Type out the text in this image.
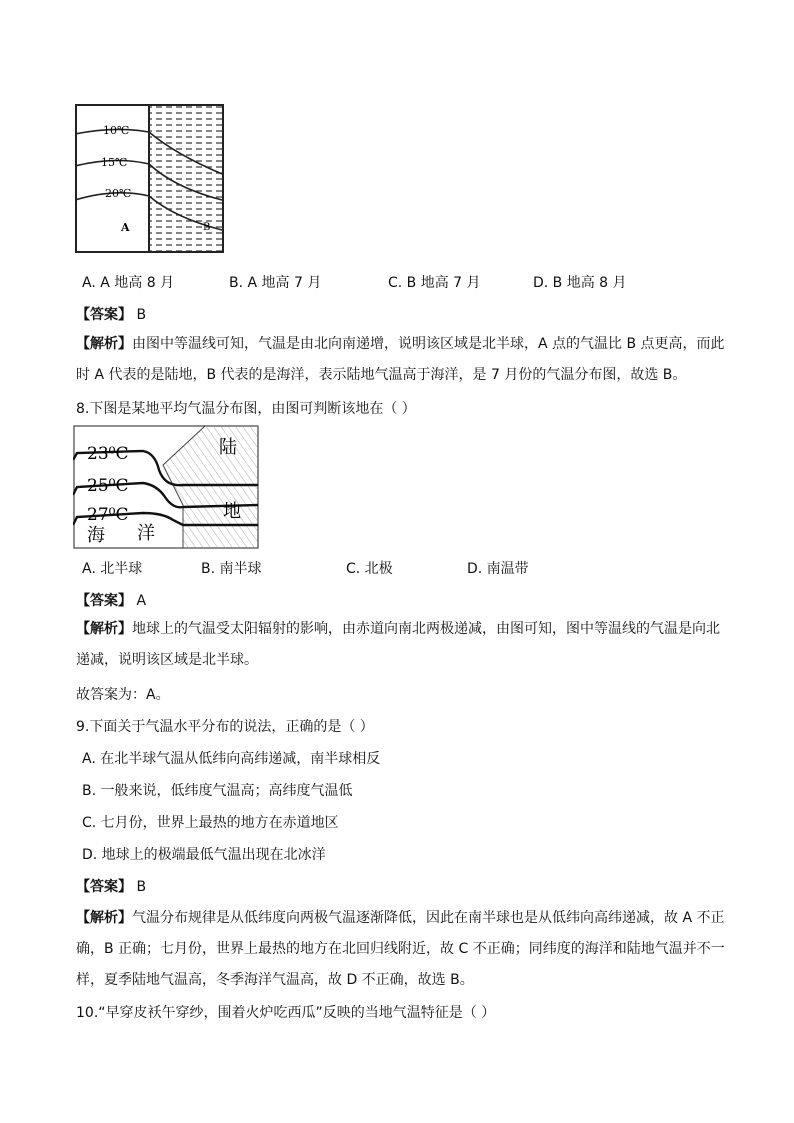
10℃
15℃
20℃
A	B
A. A 地高 8 月	B. A 地高 7 月	C. B 地高 7 月	D. B 地高 8 月
【答案】 B
【解析】由图中等温线可知，气温是由北向南递增，说明该区域是北半球，A 点的气温比 B 点更高，而此时 A 代表的是陆地，B 代表的是海洋，表示陆地气温高于海洋，是 7 月份的气温分布图，故选 B。
8.下图是某地平均气温分布图，由图可判断该地在（ ）
23⁰C
25⁰C
27⁰C
陆
地
海 洋
A. 北半球	B. 南半球	C. 北极	D. 南温带
【答案】 A
【解析】地球上的气温受太阳辐射的影响，由赤道向南北两极递减，由图可知，图中等温线的气温是向北递减，说明该区域是北半球。
故答案为：A。
9.下面关于气温水平分布的说法，正确的是（ ）
A. 在北半球气温从低纬向高纬递减，南半球相反
B. 一般来说，低纬度气温高；高纬度气温低
C. 七月份，世界上最热的地方在赤道地区
D. 地球上的极端最低气温出现在北冰洋
【答案】 B
【解析】气温分布规律是从低纬度向两极气温逐渐降低，因此在南半球也是从低纬向高纬递减，故 A 不正确，B 正确；七月份，世界上最热的地方在北回归线附近，故 C 不正确；同纬度的海洋和陆地气温并不一样，夏季陆地气温高，冬季海洋气温高，故 D 不正确，故选 B。
10.“早穿皮袄午穿纱，围着火炉吃西瓜”反映的当地气温特征是（ ）
